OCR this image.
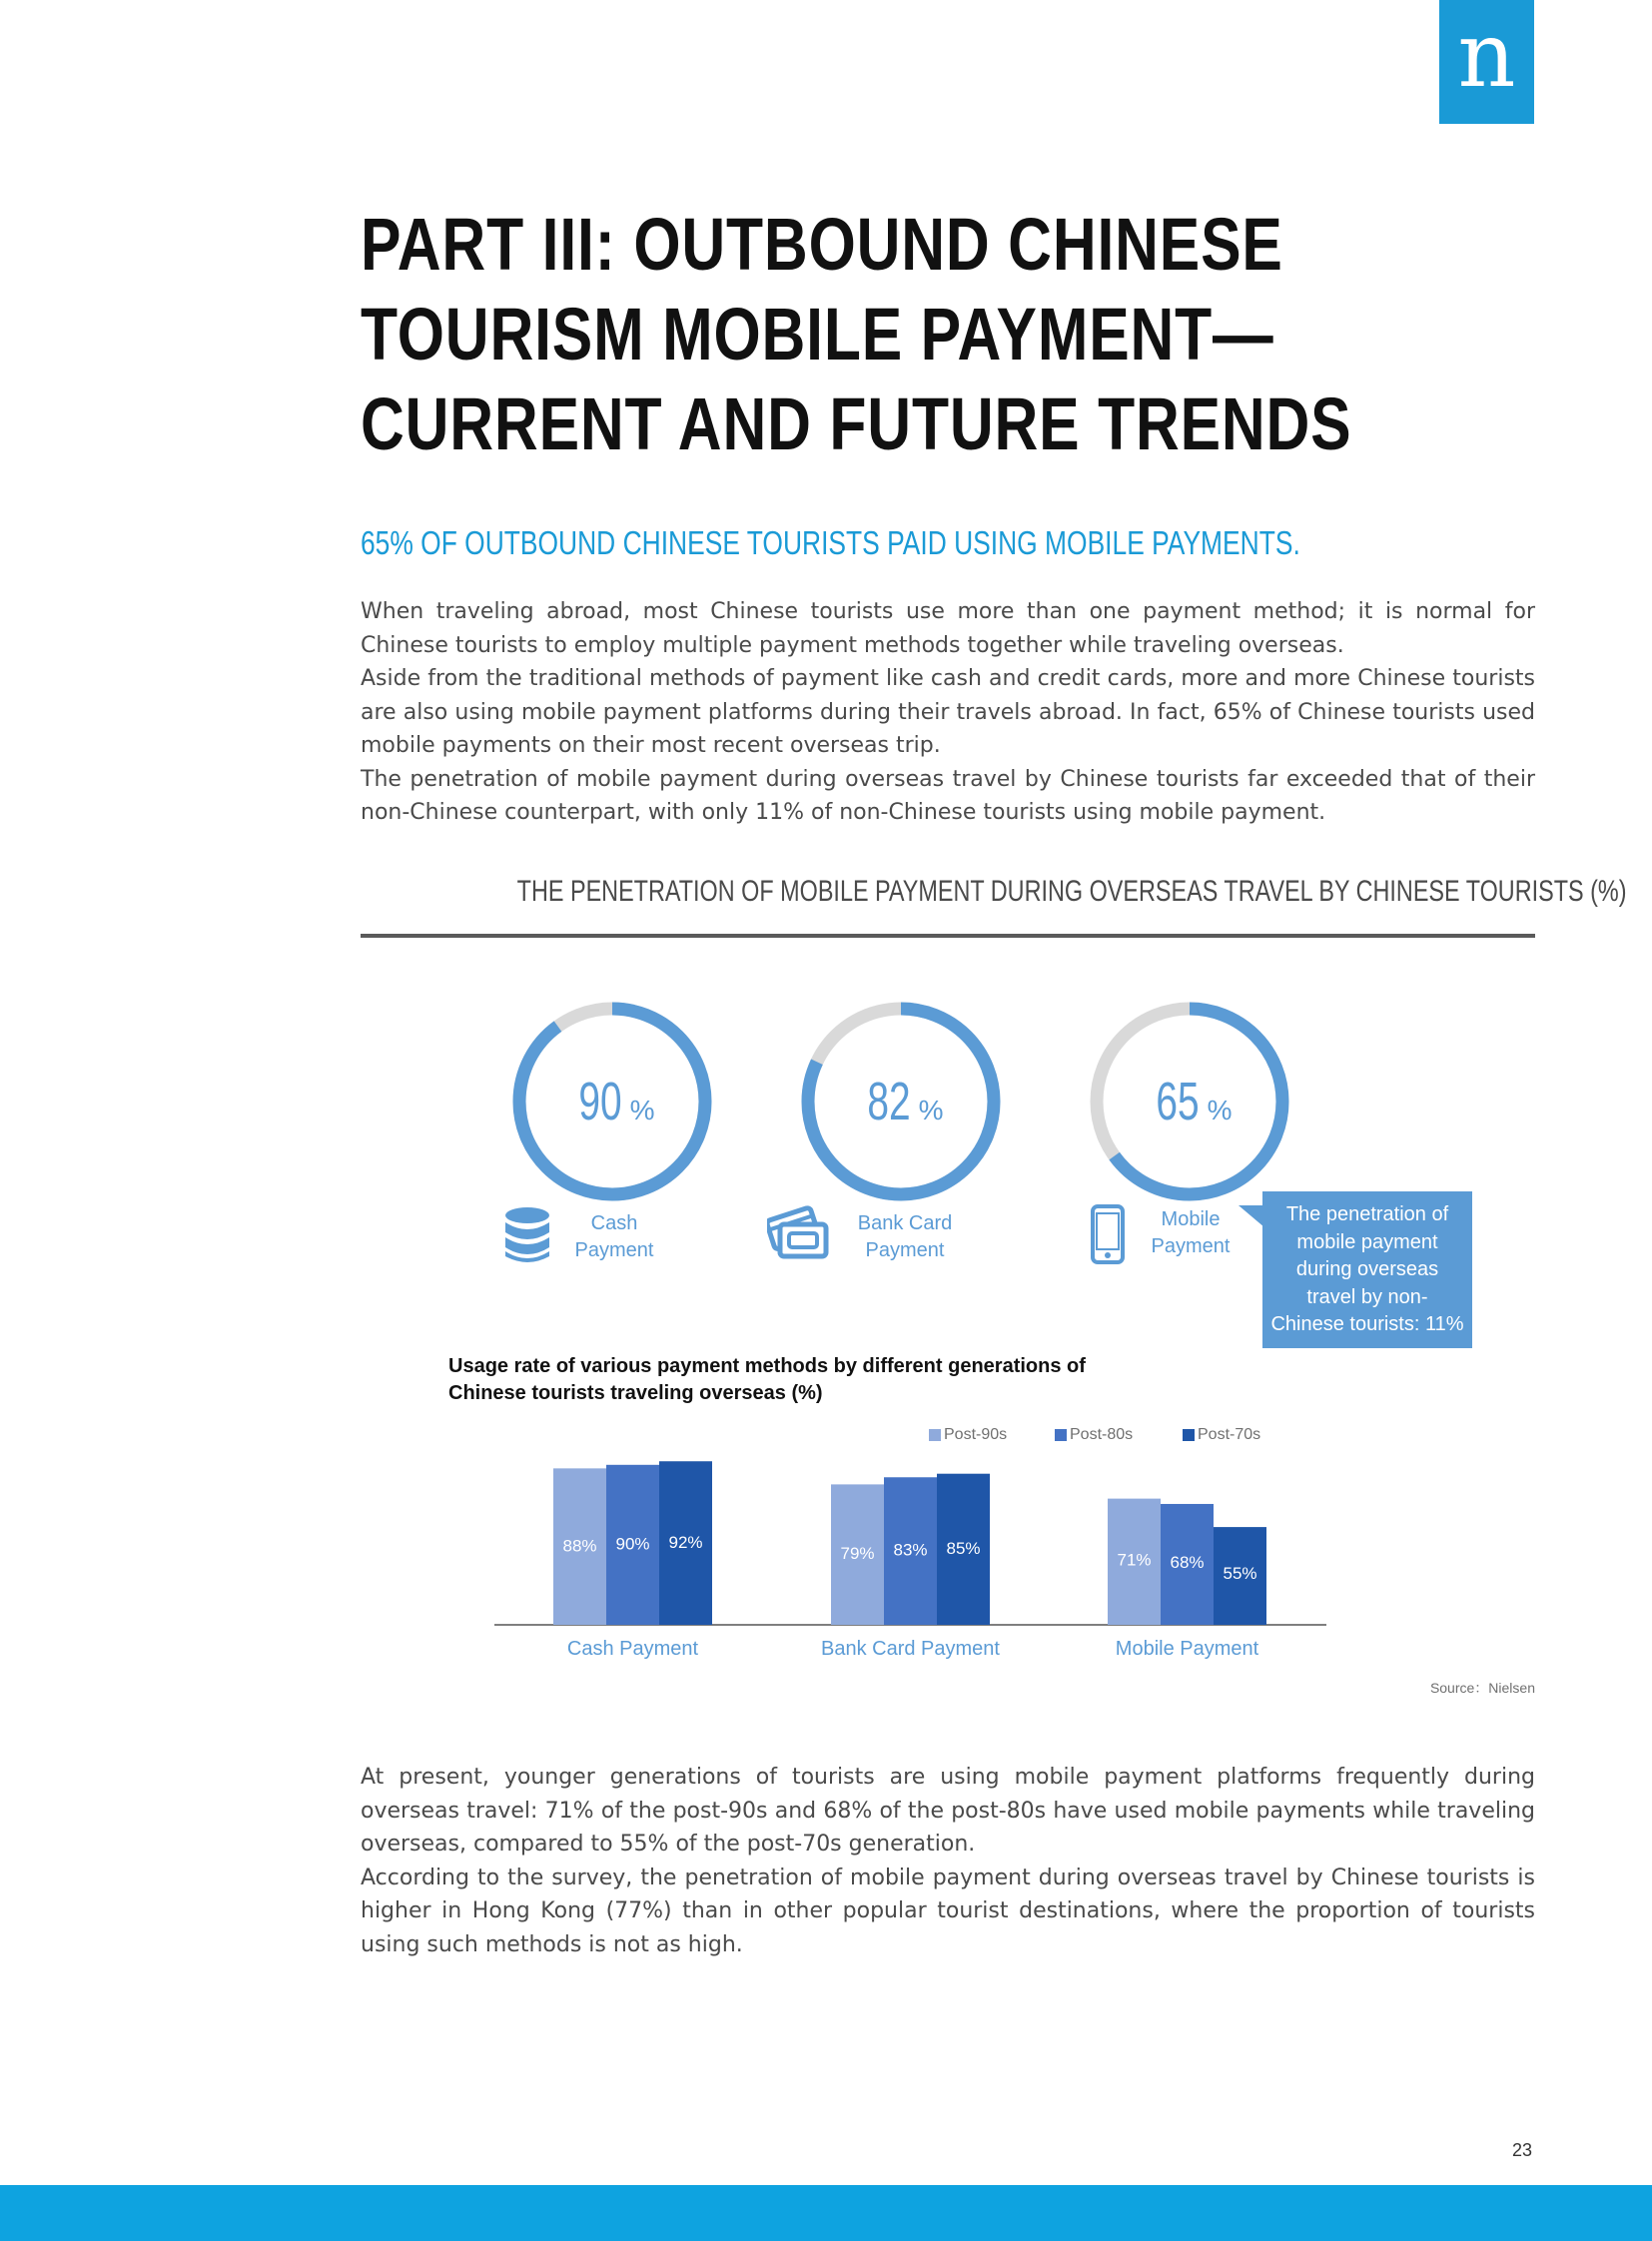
n
PART III: OUTBOUND CHINESE TOURISM MOBILE PAYMENT—CURRENT AND FUTURE TRENDS
65% OF OUTBOUND CHINESE TOURISTS PAID USING MOBILE PAYMENTS.

When traveling abroad, most Chinese tourists use more than one payment method; it is normal for Chinese tourists to employ multiple payment methods together while traveling overseas.

Aside from the traditional methods of payment like cash and credit cards, more and more Chinese tourists are also using mobile payment platforms during their travels abroad. In fact, 65% of Chinese tourists used mobile payments on their most recent overseas trip.

The penetration of mobile payment during overseas travel by Chinese tourists far exceeded that of their non-Chinese counterpart, with only 11% of non-Chinese tourists using mobile payment.

THE PENETRATION OF MOBILE PAYMENT DURING OVERSEAS TRAVEL BY CHINESE TOURISTS (%)
90 %	82 %	65 %
Cash
Payment
Bank Card
Payment
Mobile
Payment
The penetration of
mobile payment
during overseas
travel by non-
Chinese tourists: 11%
Usage rate of various payment methods by different generations of
Chinese tourists traveling overseas (%)
Post-90s	Post-80s	Post-70s
88% 90% 92%
Cash Payment
79% 83% 85%
Bank Card Payment
71% 68%
55%
Mobile Payment
Source：Nielsen

At present, younger generations of tourists are using mobile payment platforms frequently during overseas travel: 71% of the post-90s and 68% of the post-80s have used mobile payments while traveling overseas, compared to 55% of the post-70s generation.

According to the survey, the penetration of mobile payment during overseas travel by Chinese tourists is higher in Hong Kong (77%) than in other popular tourist destinations, where the proportion of tourists using such methods is not as high.

23
